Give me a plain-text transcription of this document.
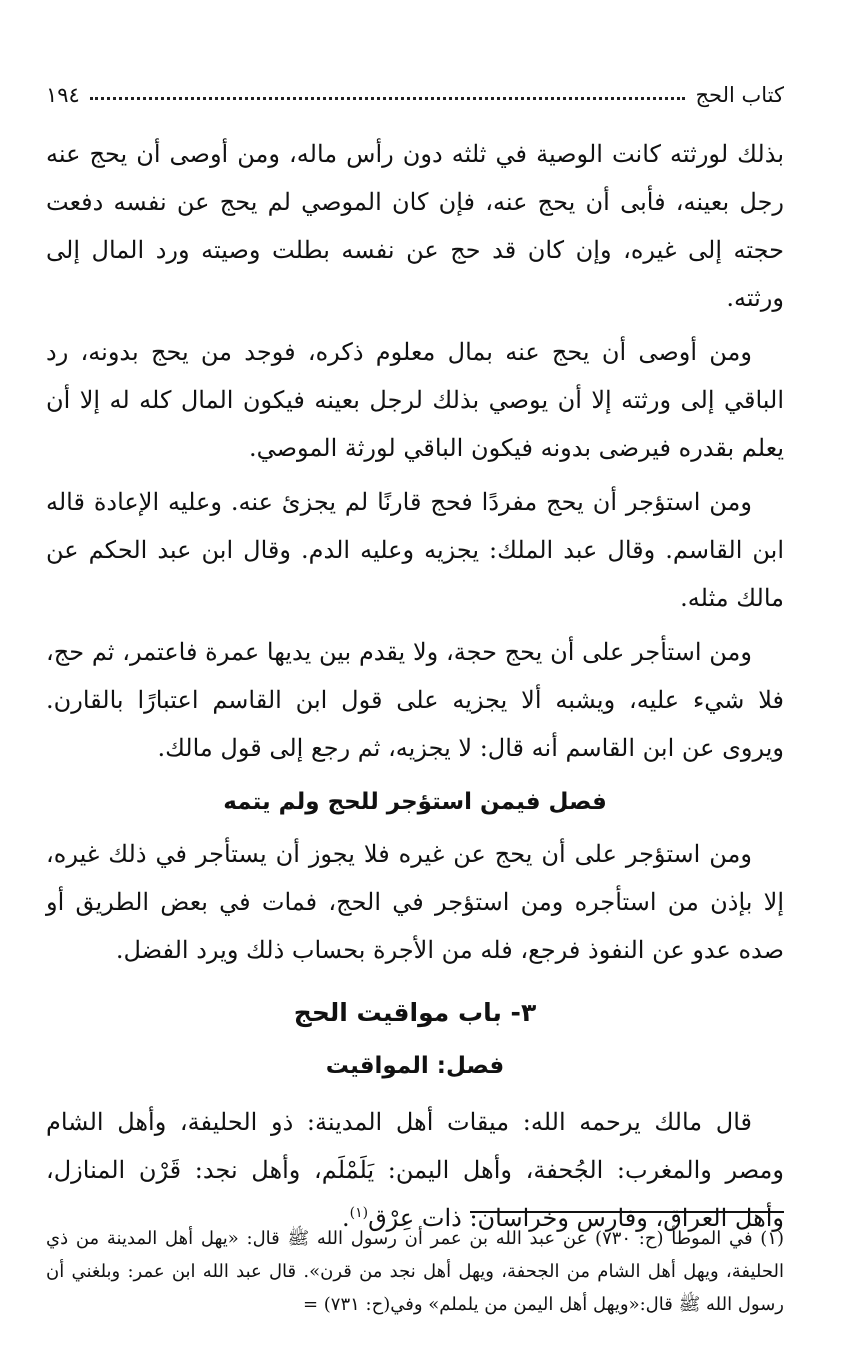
كتاب الحج
١٩٤

بذلك لورثته كانت الوصية في ثلثه دون رأس ماله، ومن أوصى أن يحج عنه رجل بعينه، فأبى أن يحج عنه، فإن كان الموصي لم يحج عن نفسه دفعت حجته إلى غيره، وإن كان قد حج عن نفسه بطلت وصيته ورد المال إلى ورثته.

ومن أوصى أن يحج عنه بمال معلوم ذكره، فوجد من يحج بدونه، رد الباقي إلى ورثته إلا أن يوصي بذلك لرجل بعينه فيكون المال كله له إلا أن يعلم بقدره فيرضى بدونه فيكون الباقي لورثة الموصي.

ومن استؤجر أن يحج مفردًا فحج قارنًا لم يجزئ عنه. وعليه الإعادة قاله ابن القاسم. وقال عبد الملك: يجزيه وعليه الدم. وقال ابن عبد الحكم عن مالك مثله.

ومن استأجر على أن يحج حجة، ولا يقدم بين يديها عمرة فاعتمر، ثم حج، فلا شيء عليه، ويشبه ألا يجزيه على قول ابن القاسم اعتبارًا بالقارن. ويروى عن ابن القاسم أنه قال: لا يجزيه، ثم رجع إلى قول مالك.

فصل فيمن استؤجر للحج ولم يتمه

ومن استؤجر على أن يحج عن غيره فلا يجوز أن يستأجر في ذلك غيره، إلا بإذن من استأجره ومن استؤجر في الحج، فمات في بعض الطريق أو صده عدو عن النفوذ فرجع، فله من الأجرة بحساب ذلك ويرد الفضل.

٣- باب مواقيت الحج
فصل: المواقيت

قال مالك يرحمه الله: ميقات أهل المدينة: ذو الحليفة، وأهل الشام ومصر والمغرب: الجُحفة، وأهل اليمن: يَلَمْلَم، وأهل نجد: قَرْن المنازل، وأهل العراق، وفارس وخراسان: ذات عِرْق$^{(١)}$.

(١) في الموطأ (ح: ٧٣٠) عن عبد الله بن عمر أن رسول الله ﷺ قال: «يهل أهل المدينة من ذي الحليفة، ويهل أهل الشام من الجحفة، ويهل أهل نجد من قرن». قال عبد الله ابن عمر: وبلغني أن رسول الله ﷺ قال:«ويهل أهل اليمن من يلملم» وفي(ح: ٧٣١) =
